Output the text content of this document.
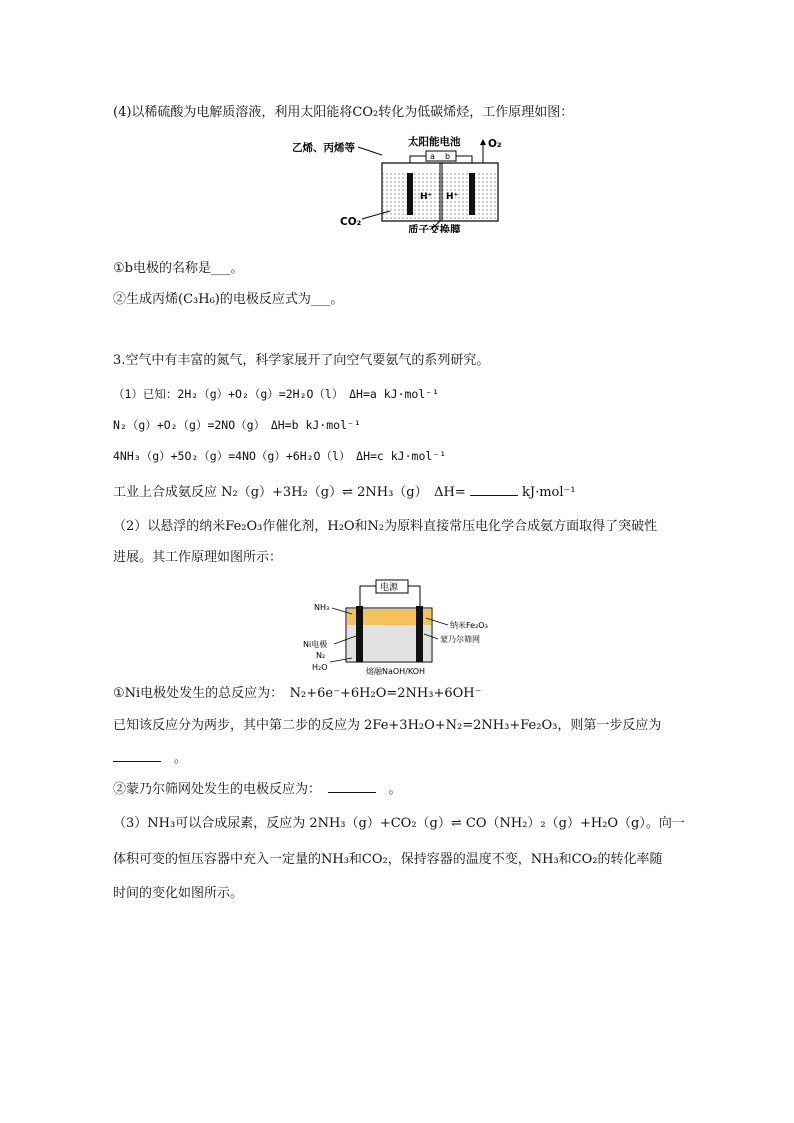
(4)以稀硫酸为电解质溶液，利用太阳能将CO₂转化为低碳烯烃，工作原理如图：
乙烯、丙烯等	太阳能电池
a b
O₂
H⁺ H⁺
CO₂
质子交换膜
①b电极的名称是___。
②生成丙烯(C₃H₆)的电极反应式为___。
3.空气中有丰富的氮气，科学家展开了向空气要氨气的系列研究。
（1）已知：2H₂（g）+O₂（g）=2H₂O（l）　ΔH=a kJ·mol⁻¹
N₂（g）+O₂（g）=2NO（g）　ΔH=b kJ·mol⁻¹
4NH₃（g）+5O₂（g）=4NO（g）+6H₂O（l）　ΔH=c kJ·mol⁻¹
工业上合成氨反应 N₂（g）+3H₂（g）⇌ 2NH₃（g）　ΔH=	kJ·mol⁻¹
（2）以悬浮的纳米Fe₂O₃作催化剂，H₂O和N₂为原料直接常压电化学合成氨方面取得了突破性
进展。其工作原理如图所示：
电源
NH₃
Ni电极
N₂
H₂O
纳米Fe₂O₃
蒙乃尔筛网
熔融NaOH/KOH
①Ni电极处发生的总反应为：　N₂+6e⁻+6H₂O=2NH₃+6OH⁻
已知该反应分为两步，其中第二步的反应为 2Fe+3H₂O+N₂=2NH₃+Fe₂O₃，则第一步反应为
　。
②蒙乃尔筛网处发生的电极反应为：　　	。
（3）NH₃可以合成尿素，反应为 2NH₃（g）+CO₂（g）⇌ CO（NH₂）₂（g）+H₂O（g）。向一
体积可变的恒压容器中充入一定量的NH₃和CO₂，保持容器的温度不变，NH₃和CO₂的转化率随
时间的变化如图所示。
